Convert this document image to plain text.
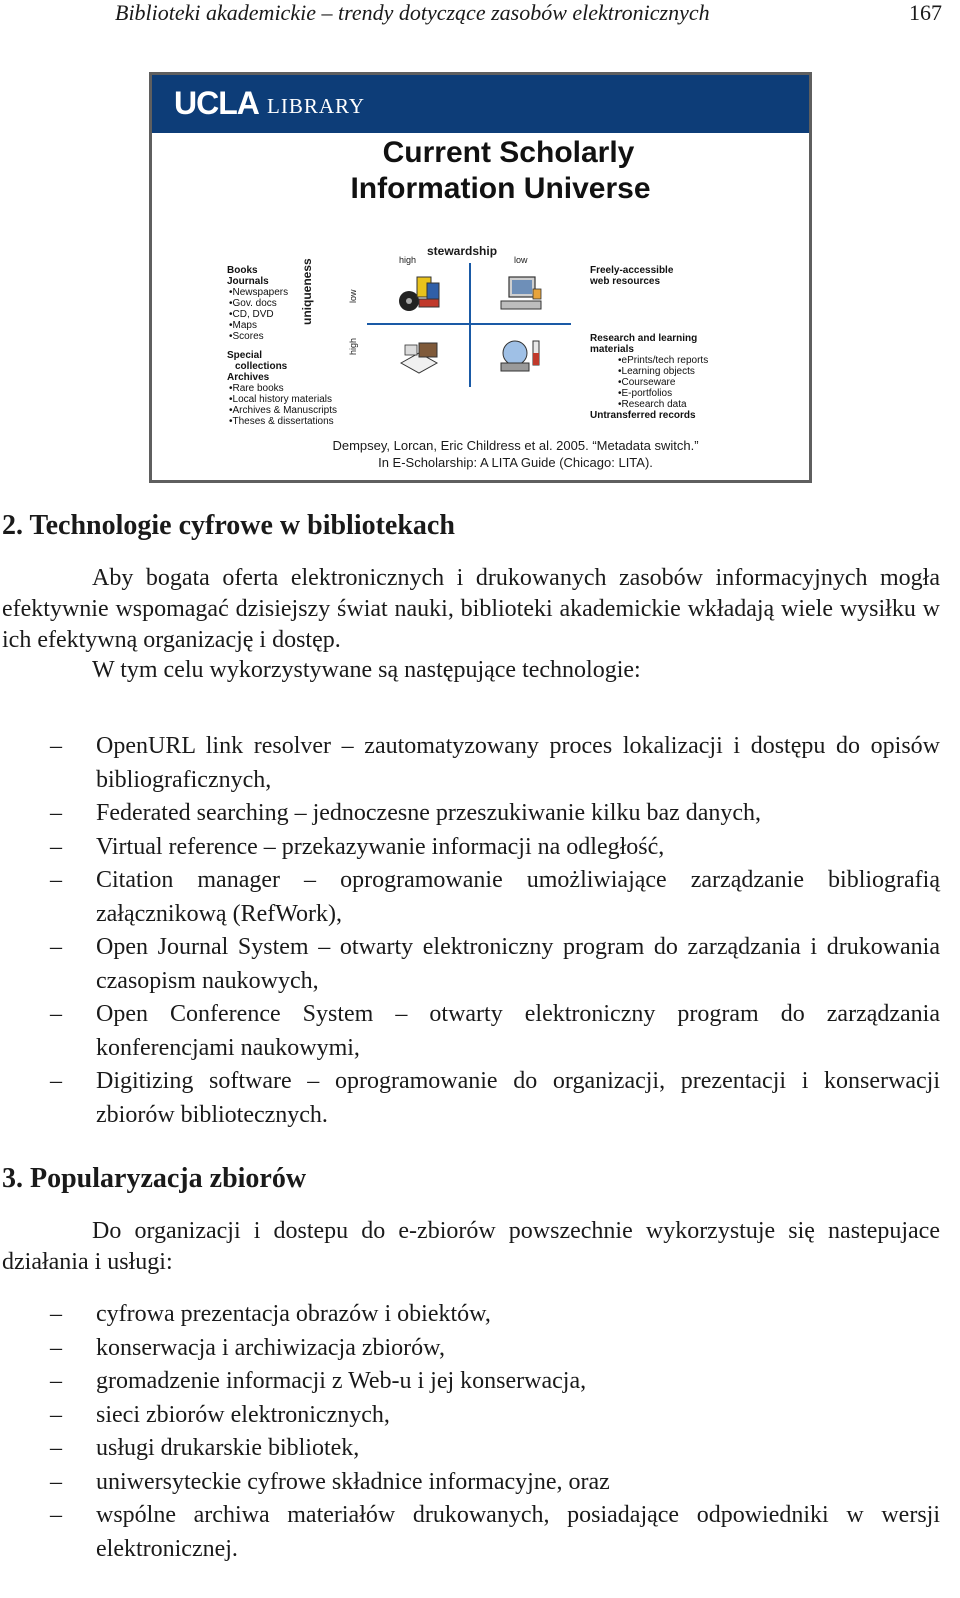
Biblioteki akademickie – trendy dotyczące zasobów elektronicznych	167
UCLA LIBRARY
Current Scholarly
Information Universe
stewardship
high	low
uniqueness	low
high
Books
Journals
•Newspapers
•Gov. docs
•CD, DVD
•Maps
•Scores
Special
collections
Archives
•Rare books
•Local history materials
•Archives & Manuscripts
•Theses & dissertations
Freely-accessible
web resources
Research and learning
materials
•ePrints/tech reports
•Learning objects
•Courseware
•E-portfolios
•Research data
Untransferred records
Dempsey, Lorcan, Eric Childress et al. 2005. “Metadata switch.”
In E-Scholarship: A LITA Guide (Chicago: LITA).
2. Technologie cyfrowe w bibliotekach

Aby bogata oferta elektronicznych i drukowanych zasobów informacyjnych mogła efektywnie wspomagać dzisiejszy świat nauki, biblioteki akademickie wkładają wiele wysiłku w ich efektywną organizację i dostęp.

W tym celu wykorzystywane są następujące technologie:

– OpenURL link resolver – zautomatyzowany proces lokalizacji i dostępu do opisów bibliograficznych,
– Federated searching – jednoczesne przeszukiwanie kilku baz danych,
– Virtual reference – przekazywanie informacji na odległość,
– Citation manager – oprogramowanie umożliwiające zarządzanie bibliografią załącznikową (RefWork),
– Open Journal System – otwarty elektroniczny program do zarządzania i drukowania czasopism naukowych,
– Open Conference System – otwarty elektroniczny program do zarządzania konferencjami naukowymi,
– Digitizing software – oprogramowanie do organizacji, prezentacji i konserwacji zbiorów bibliotecznych.
3. Popularyzacja zbiorów

Do organizacji i dostepu do e-zbiorów powszechnie wykorzystuje się nastepujace działania i usługi:

– cyfrowa prezentacja obrazów i obiektów,
– konserwacja i archiwizacja zbiorów,
– gromadzenie informacji z Web-u i jej konserwacja,
– sieci zbiorów elektronicznych,
– usługi drukarskie bibliotek,
– uniwersyteckie cyfrowe składnice informacyjne, oraz
– wspólne archiwa materiałów drukowanych, posiadające odpowiedniki w wersji elektronicznej.
